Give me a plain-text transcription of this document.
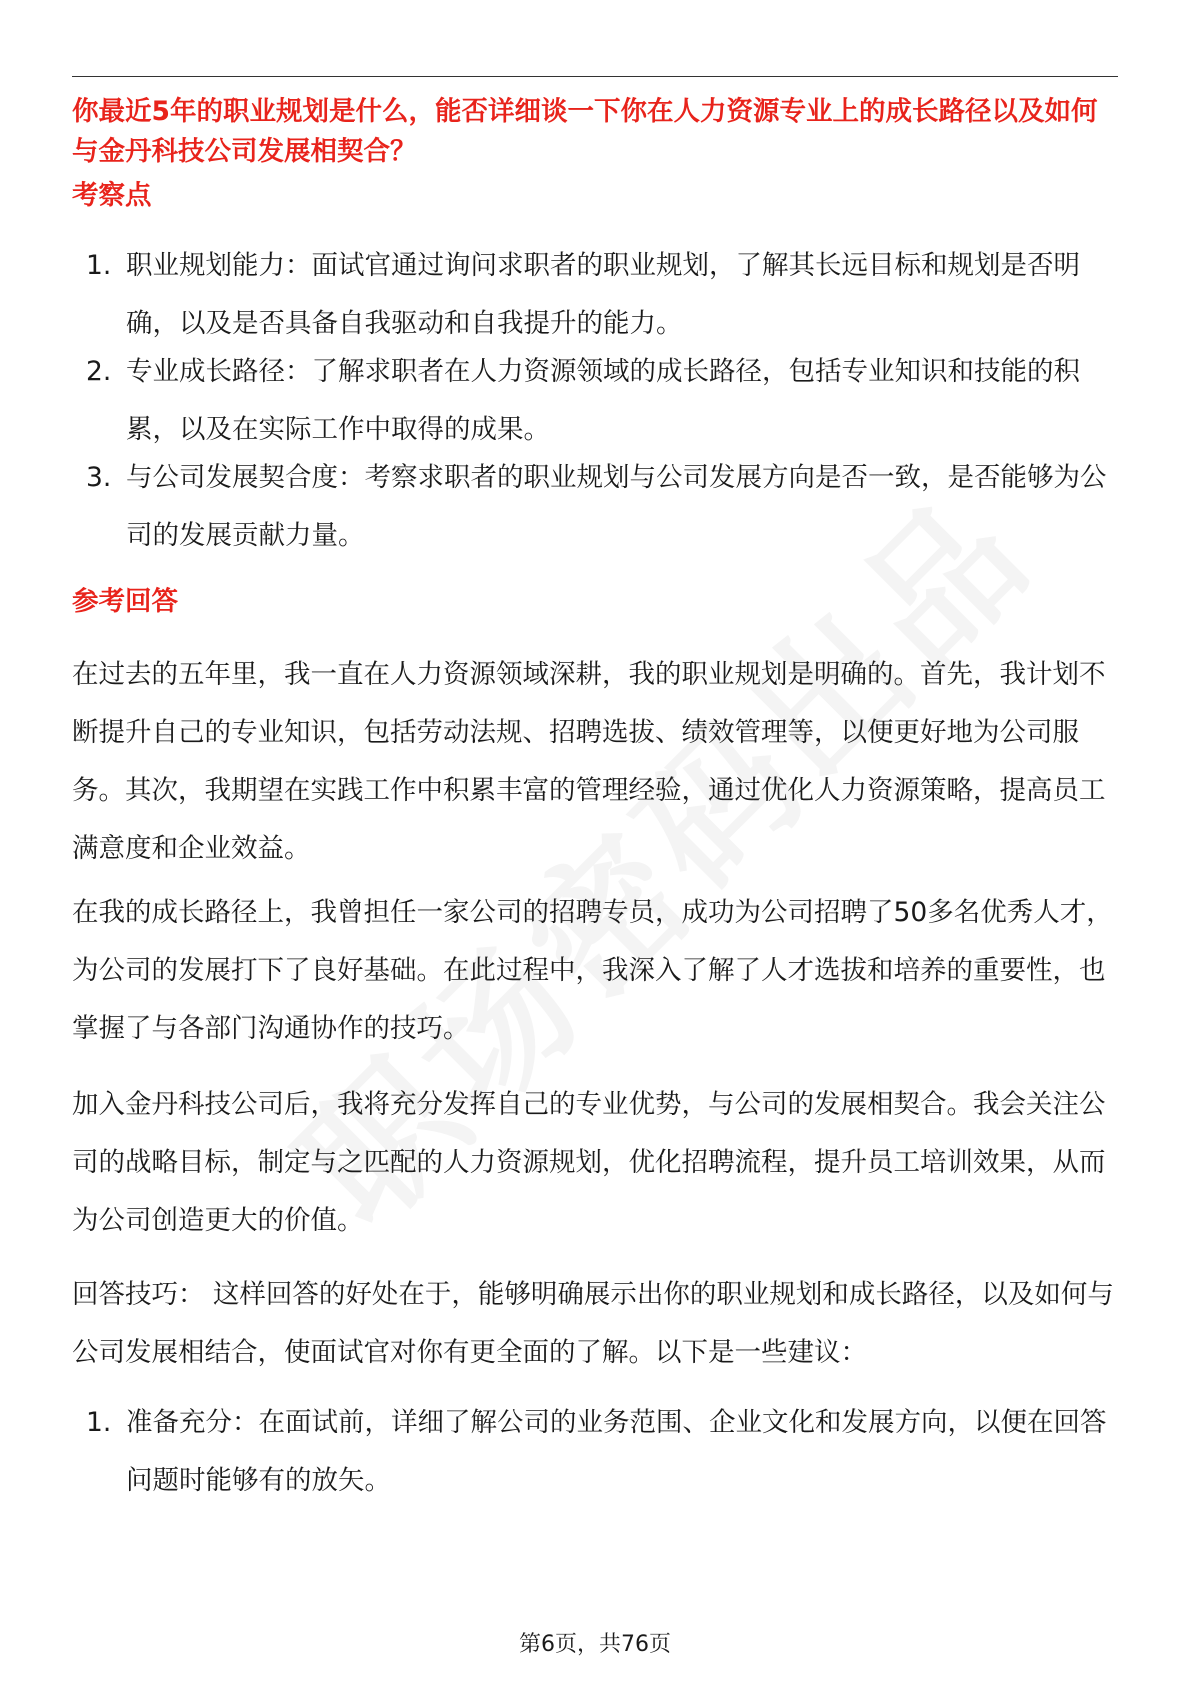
你最近5年的职业规划是什么，能否详细谈一下你在人力资源专业上的成长路径以及如何与金丹科技公司发展相契合？
考察点
1. 职业规划能力：面试官通过询问求职者的职业规划，了解其长远目标和规划是否明确，以及是否具备自我驱动和自我提升的能力。
2. 专业成长路径：了解求职者在人力资源领域的成长路径，包括专业知识和技能的积累，以及在实际工作中取得的成果。
3. 与公司发展契合度：考察求职者的职业规划与公司发展方向是否一致，是否能够为公司的发展贡献力量。
参考回答

在过去的五年里，我一直在人力资源领域深耕，我的职业规划是明确的。首先，我计划不断提升自己的专业知识，包括劳动法规、招聘选拔、绩效管理等，以便更好地为公司服务。其次，我期望在实践工作中积累丰富的管理经验，通过优化人力资源策略，提高员工满意度和企业效益。

在我的成长路径上，我曾担任一家公司的招聘专员，成功为公司招聘了50多名优秀人才，为公司的发展打下了良好基础。在此过程中，我深入了解了人才选拔和培养的重要性，也掌握了与各部门沟通协作的技巧。

加入金丹科技公司后，我将充分发挥自己的专业优势，与公司的发展相契合。我会关注公司的战略目标，制定与之匹配的人力资源规划，优化招聘流程，提升员工培训效果，从而为公司创造更大的价值。

回答技巧： 这样回答的好处在于，能够明确展示出你的职业规划和成长路径，以及如何与公司发展相结合，使面试官对你有更全面的了解。以下是一些建议：

1. 准备充分：在面试前，详细了解公司的业务范围、企业文化和发展方向，以便在回答问题时能够有的放矢。
第6页，共76页
